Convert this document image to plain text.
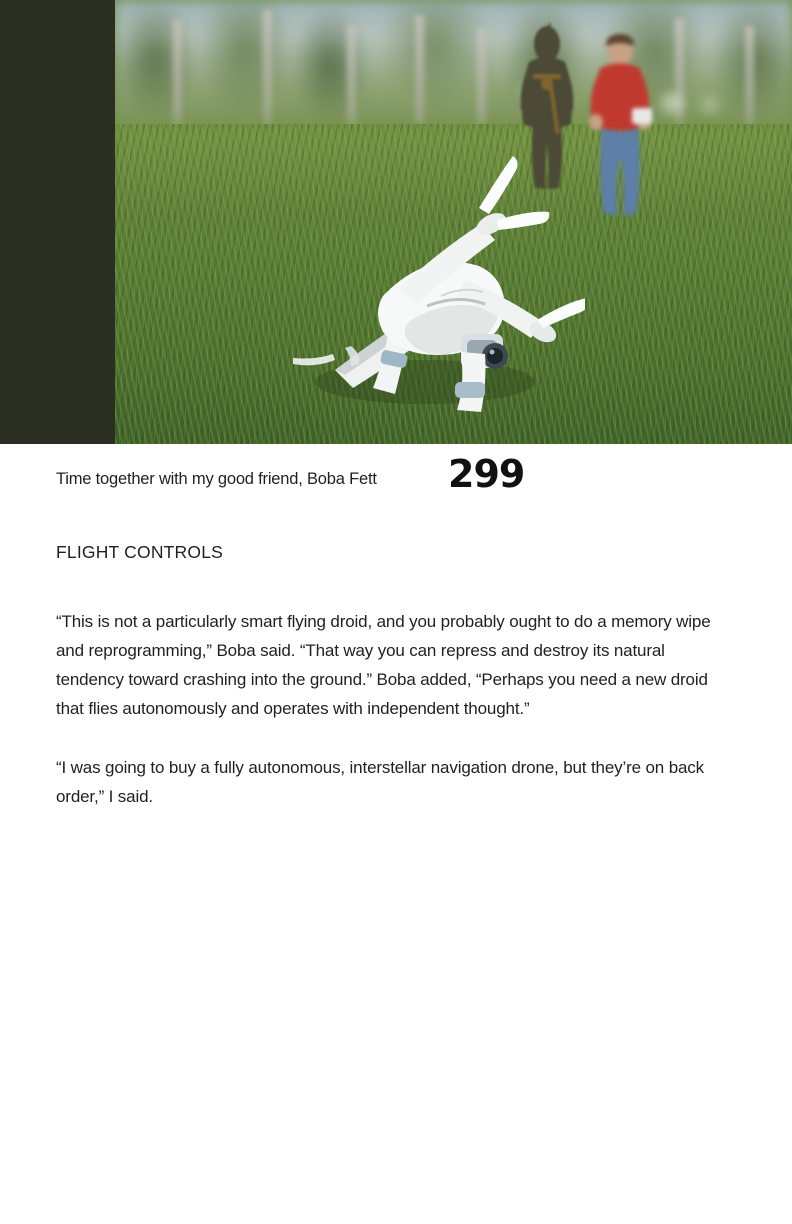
Time together with my good friend, Boba Fett 299
FLIGHT CONTROLS

“This is not a particularly smart flying droid, and you probably ought to do a memory wipe and reprogramming,” Boba said. “That way you can repress and destroy its natural tendency toward crashing into the ground.” Boba added, “Perhaps you need a new droid that flies autonomously and operates with independent thought.”

“I was going to buy a fully autonomous, interstellar navigation drone, but they’re on back order,” I said.
